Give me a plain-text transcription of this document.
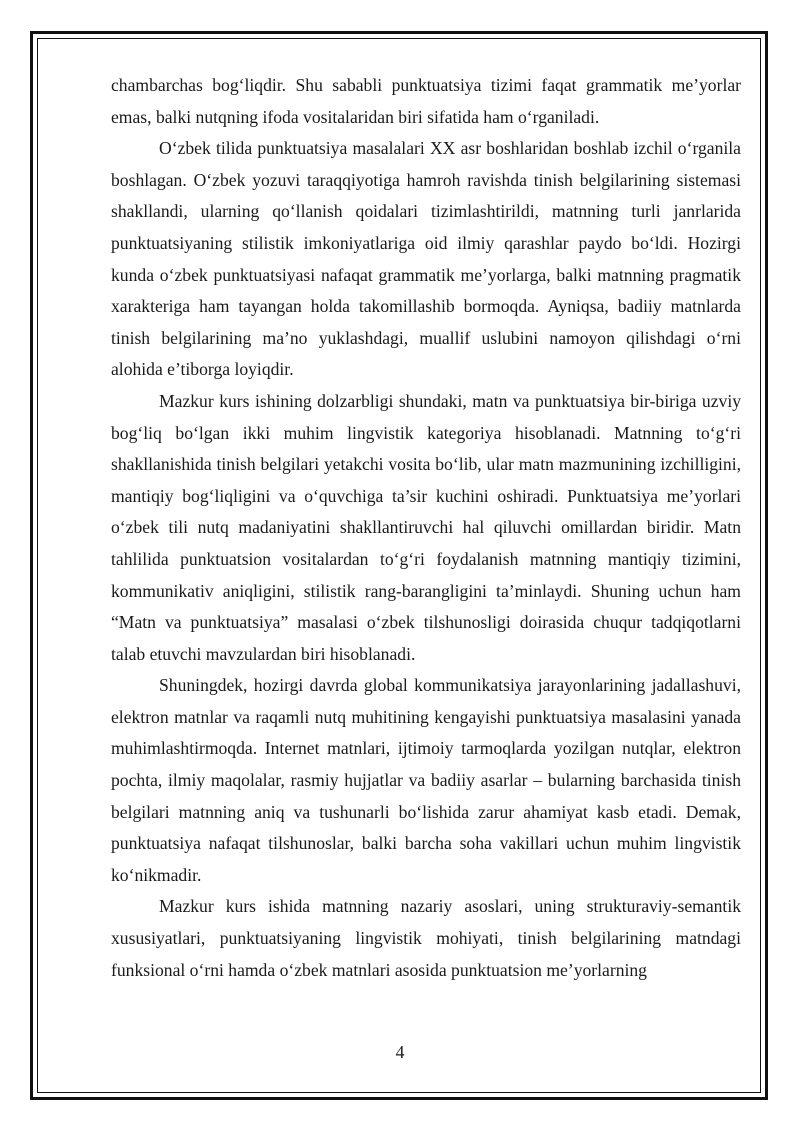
chambarchas bog‘liqdir. Shu sababli punktuatsiya tizimi faqat grammatik me’yorlar emas, balki nutqning ifoda vositalaridan biri sifatida ham o‘rganiladi.

O‘zbek tilida punktuatsiya masalalari XX asr boshlaridan boshlab izchil o‘rganila boshlagan. O‘zbek yozuvi taraqqiyotiga hamroh ravishda tinish belgilarining sistemasi shakllandi, ularning qo‘llanish qoidalari tizimlashtirildi, matnning turli janrlarida punktuatsiyaning stilistik imkoniyatlariga oid ilmiy qarashlar paydo bo‘ldi. Hozirgi kunda o‘zbek punktuatsiyasi nafaqat grammatik me’yorlarga, balki matnning pragmatik xarakteriga ham tayangan holda takomillashib bormoqda. Ayniqsa, badiiy matnlarda tinish belgilarining ma’no yuklashdagi, muallif uslubini namoyon qilishdagi o‘rni alohida e’tiborga loyiqdir.

Mazkur kurs ishining dolzarbligi shundaki, matn va punktuatsiya bir-biriga uzviy bog‘liq bo‘lgan ikki muhim lingvistik kategoriya hisoblanadi. Matnning to‘g‘ri shakllanishida tinish belgilari yetakchi vosita bo‘lib, ular matn mazmunining izchilligini, mantiqiy bog‘liqligini va o‘quvchiga ta’sir kuchini oshiradi. Punktuatsiya me’yorlari o‘zbek tili nutq madaniyatini shakllantiruvchi hal qiluvchi omillardan biridir. Matn tahlilida punktuatsion vositalardan to‘g‘ri foydalanish matnning mantiqiy tizimini, kommunikativ aniqligini, stilistik rang-barangligini ta’minlaydi. Shuning uchun ham “Matn va punktuatsiya” masalasi o‘zbek tilshunosligi doirasida chuqur tadqiqotlarni talab etuvchi mavzulardan biri hisoblanadi.

Shuningdek, hozirgi davrda global kommunikatsiya jarayonlarining jadallashuvi, elektron matnlar va raqamli nutq muhitining kengayishi punktuatsiya masalasini yanada muhimlashtirmoqda. Internet matnlari, ijtimoiy tarmoqlarda yozilgan nutqlar, elektron pochta, ilmiy maqolalar, rasmiy hujjatlar va badiiy asarlar – bularning barchasida tinish belgilari matnning aniq va tushunarli bo‘lishida zarur ahamiyat kasb etadi. Demak, punktuatsiya nafaqat tilshunoslar, balki barcha soha vakillari uchun muhim lingvistik ko‘nikmadir.

Mazkur kurs ishida matnning nazariy asoslari, uning strukturaviy-semantik xususiyatlari, punktuatsiyaning lingvistik mohiyati, tinish belgilarining matndagi funksional o‘rni hamda o‘zbek matnlari asosida punktuatsion me’yorlarning

4
